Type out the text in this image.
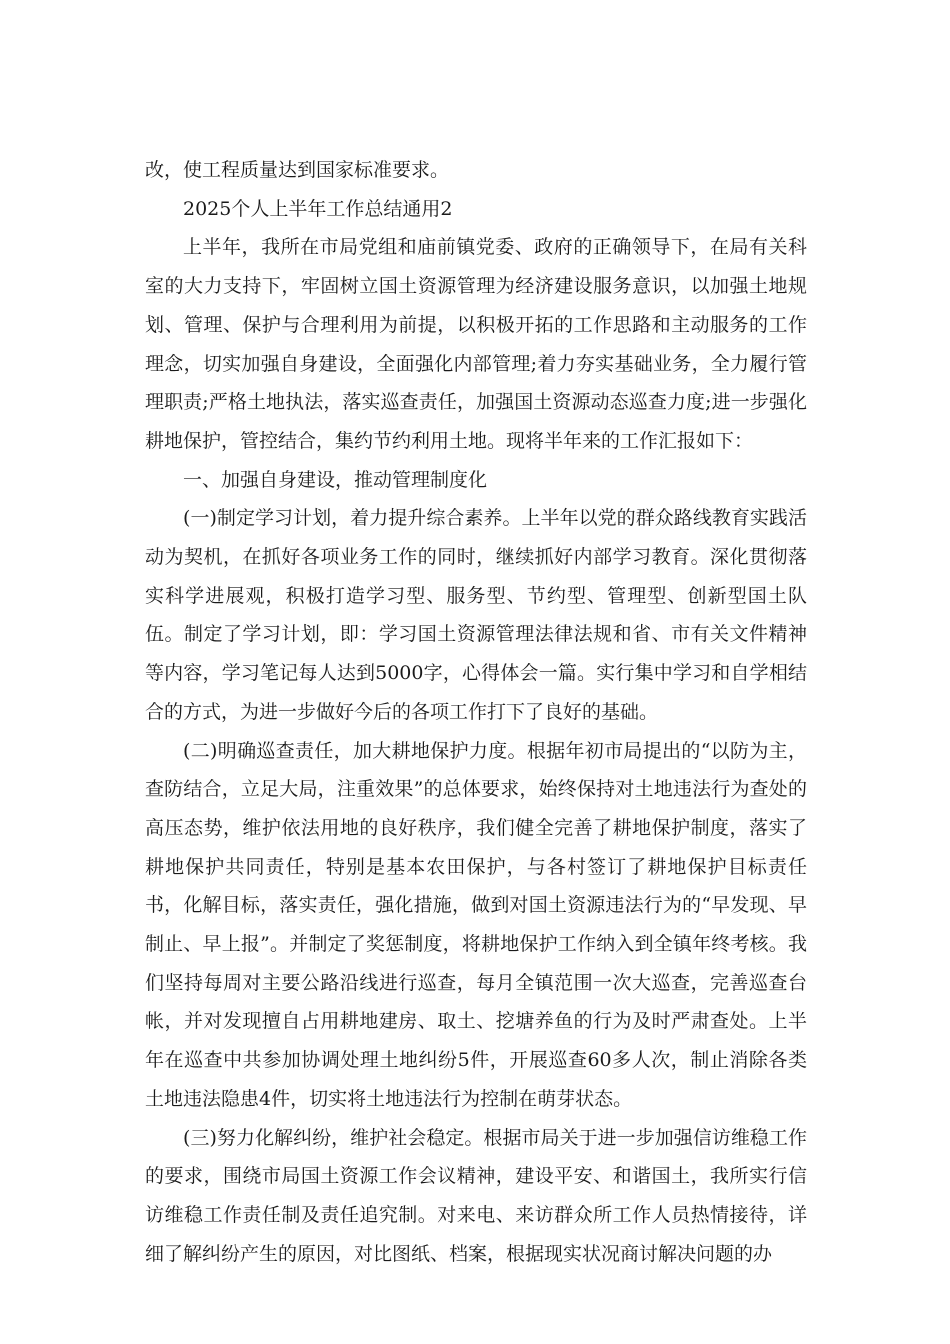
改，使工程质量达到国家标准要求。

2025个人上半年工作总结通用2

上半年，我所在市局党组和庙前镇党委、政府的正确领导下，在局有关科室的大力支持下，牢固树立国土资源管理为经济建设服务意识，以加强土地规划、管理、保护与合理利用为前提，以积极开拓的工作思路和主动服务的工作理念，切实加强自身建设，全面强化内部管理;着力夯实基础业务，全力履行管理职责;严格土地执法，落实巡查责任，加强国土资源动态巡查力度;进一步强化耕地保护，管控结合，集约节约利用土地。现将半年来的工作汇报如下：

一、加强自身建设，推动管理制度化

(一)制定学习计划，着力提升综合素养。上半年以党的群众路线教育实践活动为契机，在抓好各项业务工作的同时，继续抓好内部学习教育。深化贯彻落实科学进展观，积极打造学习型、服务型、节约型、管理型、创新型国土队伍。制定了学习计划，即：学习国土资源管理法律法规和省、市有关文件精神等内容，学习笔记每人达到5000字，心得体会一篇。实行集中学习和自学相结合的方式，为进一步做好今后的各项工作打下了良好的基础。

(二)明确巡查责任，加大耕地保护力度。根据年初市局提出的“以防为主，查防结合，立足大局，注重效果”的总体要求，始终保持对土地违法行为查处的高压态势，维护依法用地的良好秩序，我们健全完善了耕地保护制度，落实了耕地保护共同责任，特别是基本农田保护，与各村签订了耕地保护目标责任书，化解目标，落实责任，强化措施，做到对国土资源违法行为的“早发现、早制止、早上报”。并制定了奖惩制度，将耕地保护工作纳入到全镇年终考核。我们坚持每周对主要公路沿线进行巡查，每月全镇范围一次大巡查，完善巡查台帐，并对发现擅自占用耕地建房、取土、挖塘养鱼的行为及时严肃查处。上半年在巡查中共参加协调处理土地纠纷5件，开展巡查60多人次，制止消除各类土地违法隐患4件，切实将土地违法行为控制在萌芽状态。

(三)努力化解纠纷，维护社会稳定。根据市局关于进一步加强信访维稳工作的要求，围绕市局国土资源工作会议精神，建设平安、和谐国土，我所实行信访维稳工作责任制及责任追究制。对来电、来访群众所工作人员热情接待，详细了解纠纷产生的原因，对比图纸、档案，根据现实状况商讨解决问题的办
